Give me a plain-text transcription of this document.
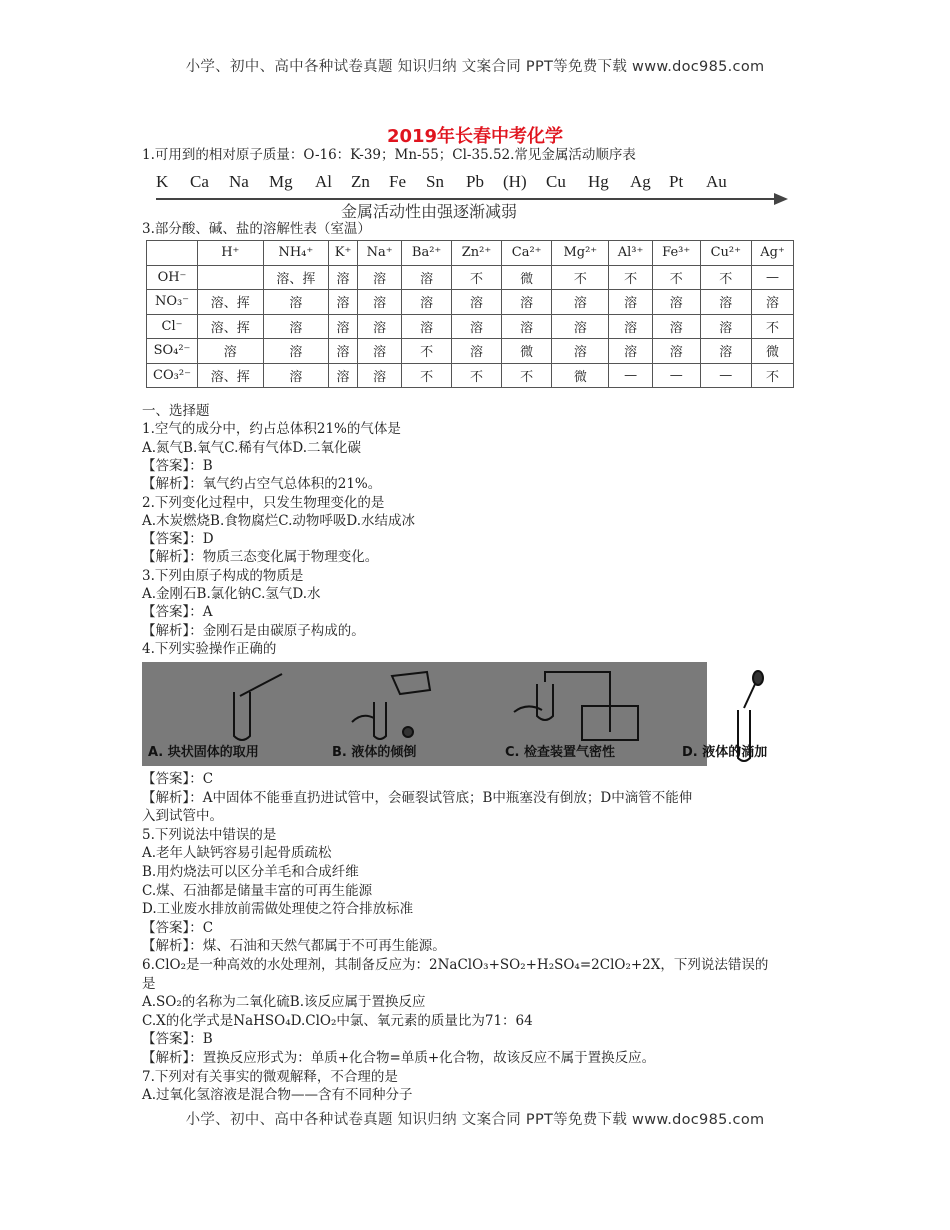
小学、初中、高中各种试卷真题 知识归纳 文案合同 PPT等免费下载 www.doc985.com
2019年长春中考化学
1.可用到的相对原子质量：O-16：K-39；Mn-55；Cl-35.52.常见金属活动顺序表
K Ca Na Mg Al Zn Fe Sn Pb (H) Cu Hg Ag Pt Au
金属活动性由强逐渐减弱
3.部分酸、碱、盐的溶解性表（室温）
	H⁺	NH₄⁺	K⁺	Na⁺	Ba²⁺	Zn²⁺	Ca²⁺	Mg²⁺	Al³⁺	Fe³⁺	Cu²⁺	Ag⁺
OH⁻		溶、挥	溶	溶	溶	不	微	不	不	不	不	—
NO₃⁻	溶、挥	溶	溶	溶	溶	溶	溶	溶	溶	溶	溶	溶
Cl⁻	溶、挥	溶	溶	溶	溶	溶	溶	溶	溶	溶	溶	不
SO₄²⁻	溶	溶	溶	溶	不	溶	微	溶	溶	溶	溶	微
CO₃²⁻	溶、挥	溶	溶	溶	不	不	不	微	—	—	—	不
一、选择题
1.空气的成分中，约占总体积21%的气体是
A.氮气B.氧气C.稀有气体D.二氧化碳
【答案】：B
【解析】：氧气约占空气总体积的21%。
2.下列变化过程中，只发生物理变化的是
A.木炭燃烧B.食物腐烂C.动物呼吸D.水结成冰
【答案】：D
【解析】：物质三态变化属于物理变化。
3.下列由原子构成的物质是
A.金刚石B.氯化钠C.氢气D.水
【答案】：A
【解析】：金刚石是由碳原子构成的。
4.下列实验操作正确的
A. 块状固体的取用	B. 液体的倾倒	C. 检查装置气密性	D. 液体的滴加
【答案】：C
【解析】：A中固体不能垂直扔进试管中，会砸裂试管底；B中瓶塞没有倒放；D中滴管不能伸
入到试管中。
5.下列说法中错误的是
A.老年人缺钙容易引起骨质疏松
B.用灼烧法可以区分羊毛和合成纤维
C.煤、石油都是储量丰富的可再生能源
D.工业废水排放前需做处理使之符合排放标准
【答案】：C
【解析】：煤、石油和天然气都属于不可再生能源。
6.ClO₂是一种高效的水处理剂，其制备反应为：2NaClO₃+SO₂+H₂SO₄=2ClO₂+2X，下列说法错误的
是
A.SO₂的名称为二氧化硫B.该反应属于置换反应
C.X的化学式是NaHSO₄D.ClO₂中氯、氧元素的质量比为71：64
【答案】：B
【解析】：置换反应形式为：单质+化合物=单质+化合物，故该反应不属于置换反应。
7.下列对有关事实的微观解释，不合理的是
A.过氧化氢溶液是混合物——含有不同种分子
小学、初中、高中各种试卷真题 知识归纳 文案合同 PPT等免费下载 www.doc985.com
